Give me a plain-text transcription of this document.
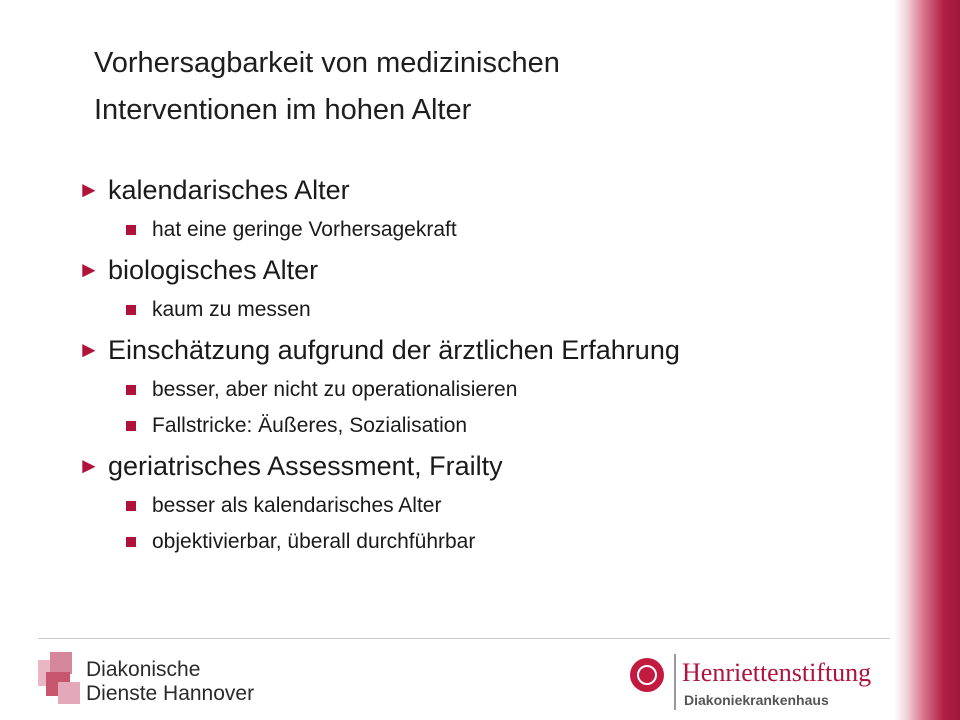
Vorhersagbarkeit von medizinischen
Interventionen im hohen Alter
► kalendarisches Alter
hat eine geringe Vorhersagekraft
► biologisches Alter
kaum zu messen
► Einschätzung aufgrund der ärztlichen Erfahrung
besser, aber nicht zu operationalisieren
Fallstricke: Äußeres, Sozialisation
► geriatrisches Assessment, Frailty
besser als kalendarisches Alter
objektivierbar, überall durchführbar
Diakonische
Dienste Hannover
Henriettenstiftung
Diakoniekrankenhaus
